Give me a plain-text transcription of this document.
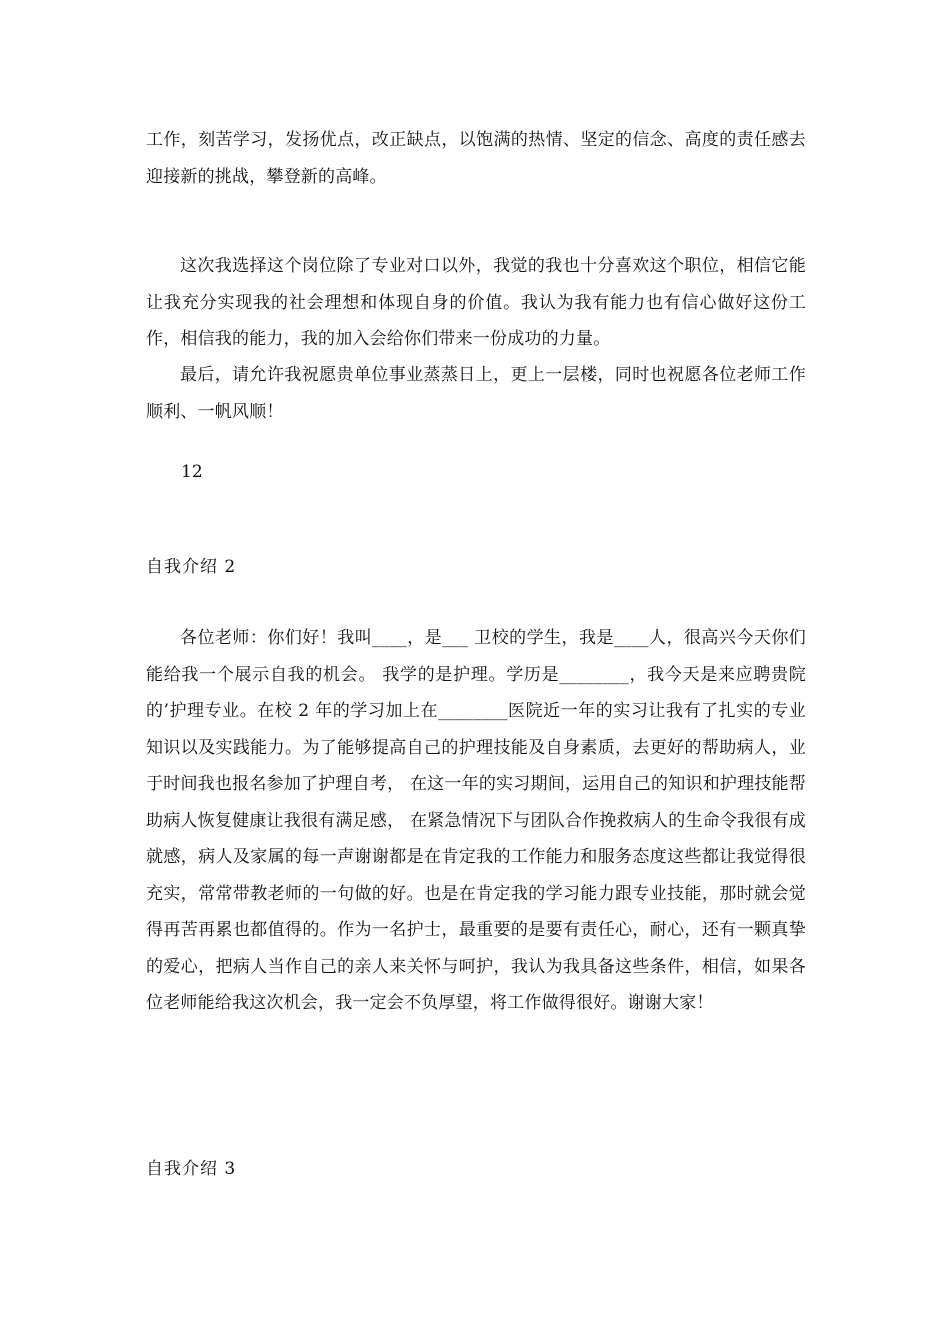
工作，刻苦学习，发扬优点，改正缺点，以饱满的热情、坚定的信念、高度的责任感去迎接新的挑战，攀登新的高峰。

这次我选择这个岗位除了专业对口以外，我觉的我也十分喜欢这个职位，相信它能让我充分实现我的社会理想和体现自身的价值。我认为我有能力也有信心做好这份工作，相信我的能力，我的加入会给你们带来一份成功的力量。

最后，请允许我祝愿贵单位事业蒸蒸日上，更上一层楼，同时也祝愿各位老师工作顺利、一帆风顺！

12

自我介绍 2

各位老师：你们好！我叫____，是___ 卫校的学生，我是____人，很高兴今天你们能给我一个展示自我的机会。 我学的是护理。学历是________，我今天是来应聘贵院的’护理专业。在校 2 年的学习加上在________医院近一年的实习让我有了扎实的专业知识以及实践能力。为了能够提高自己的护理技能及自身素质，去更好的帮助病人，业于时间我也报名参加了护理自考， 在这一年的实习期间，运用自己的知识和护理技能帮助病人恢复健康让我很有满足感， 在紧急情况下与团队合作挽救病人的生命令我很有成就感，病人及家属的每一声谢谢都是在肯定我的工作能力和服务态度这些都让我觉得很充实，常常带教老师的一句做的好。也是在肯定我的学习能力跟专业技能，那时就会觉得再苦再累也都值得的。作为一名护士，最重要的是要有责任心，耐心，还有一颗真挚的爱心，把病人当作自己的亲人来关怀与呵护，我认为我具备这些条件，相信，如果各位老师能给我这次机会，我一定会不负厚望，将工作做得很好。谢谢大家！

自我介绍 3
